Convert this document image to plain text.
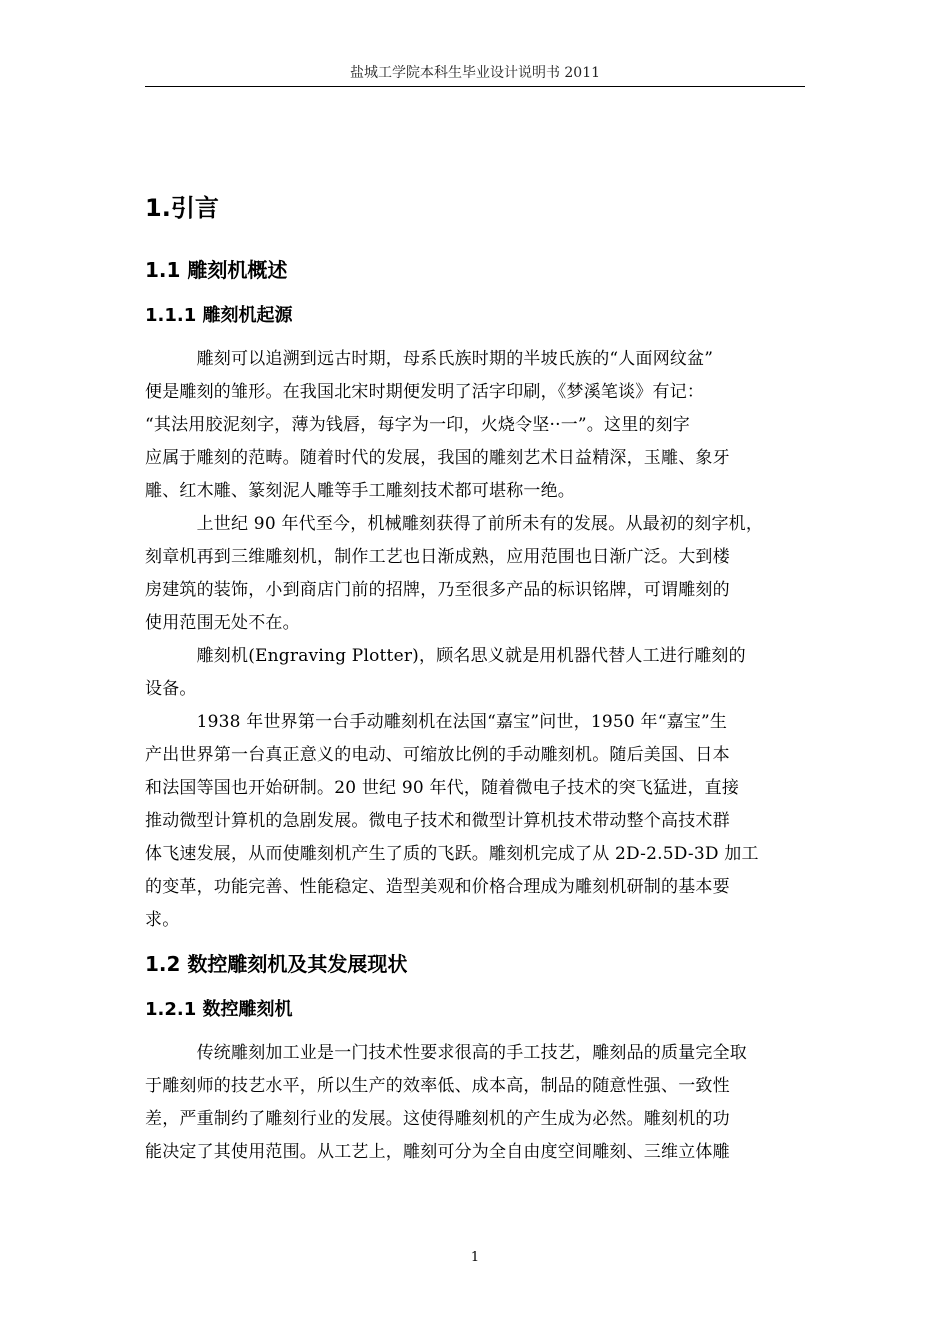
盐城工学院本科生毕业设计说明书 2011
1.引言
1.1 雕刻机概述
1.1.1 雕刻机起源
　　　雕刻可以追溯到远古时期，母系氏族时期的半坡氏族的“人面网纹盆”
便是雕刻的雏形。在我国北宋时期便发明了活字印刷，《梦溪笔谈》有记：
“其法用胶泥刻字，薄为钱唇，每字为一印，火烧令坚··一”。这里的刻字
应属于雕刻的范畴。随着时代的发展，我国的雕刻艺术日益精深，玉雕、象牙
雕、红木雕、篆刻泥人雕等手工雕刻技术都可堪称一绝。
　　　上世纪 90 年代至今，机械雕刻获得了前所未有的发展。从最初的刻字机，
刻章机再到三维雕刻机，制作工艺也日渐成熟，应用范围也日渐广泛。大到楼
房建筑的装饰，小到商店门前的招牌，乃至很多产品的标识铭牌，可谓雕刻的
使用范围无处不在。
　　　雕刻机(Engraving Plotter)，顾名思义就是用机器代替人工进行雕刻的
设备。
　　　1938 年世界第一台手动雕刻机在法国“嘉宝”问世，1950 年“嘉宝”生
产出世界第一台真正意义的电动、可缩放比例的手动雕刻机。随后美国、日本
和法国等国也开始研制。20 世纪 90 年代，随着微电子技术的突飞猛进，直接
推动微型计算机的急剧发展。微电子技术和微型计算机技术带动整个高技术群
体飞速发展，从而使雕刻机产生了质的飞跃。雕刻机完成了从 2D-2.5D-3D 加工
的变革，功能完善、性能稳定、造型美观和价格合理成为雕刻机研制的基本要
求。
1.2 数控雕刻机及其发展现状
1.2.1 数控雕刻机
　　　传统雕刻加工业是一门技术性要求很高的手工技艺，雕刻品的质量完全取
于雕刻师的技艺水平，所以生产的效率低、成本高，制品的随意性强、一致性
差，严重制约了雕刻行业的发展。这使得雕刻机的产生成为必然。雕刻机的功
能决定了其使用范围。从工艺上，雕刻可分为全自由度空间雕刻、三维立体雕
1
